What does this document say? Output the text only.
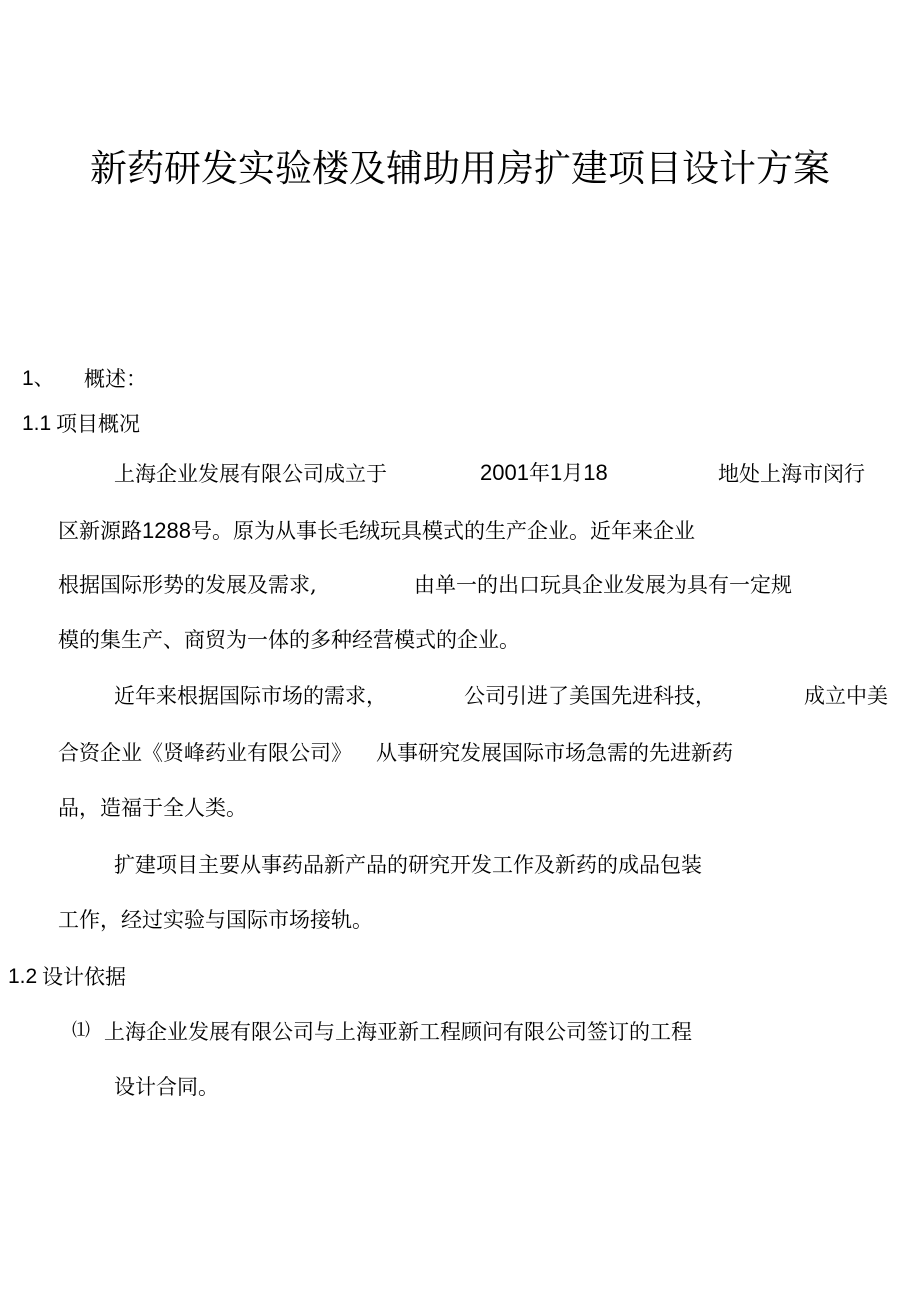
新药研发实验楼及辅助用房扩建项目设计方案
1、 概述：
1.1 项目概况
上海企业发展有限公司成立于	2001年1月18	地处上海市闵行
区新源路1288号。原为从事长毛绒玩具模式的生产企业。近年来企业
根据国际形势的发展及需求,	由单一的出口玩具企业发展为具有一定规
模的集生产、商贸为一体的多种经营模式的企业。
近年来根据国际市场的需求，	公司引进了美国先进科技，	成立中美
合资企业《贤峰药业有限公司》 从事研究发展国际市场急需的先进新药
品，造福于全人类。
扩建项目主要从事药品新产品的研究开发工作及新药的成品包装
工作，经过实验与国际市场接轨。
1.2 设计依据
⑴ 上海企业发展有限公司与上海亚新工程顾问有限公司签订的工程
设计合同。
